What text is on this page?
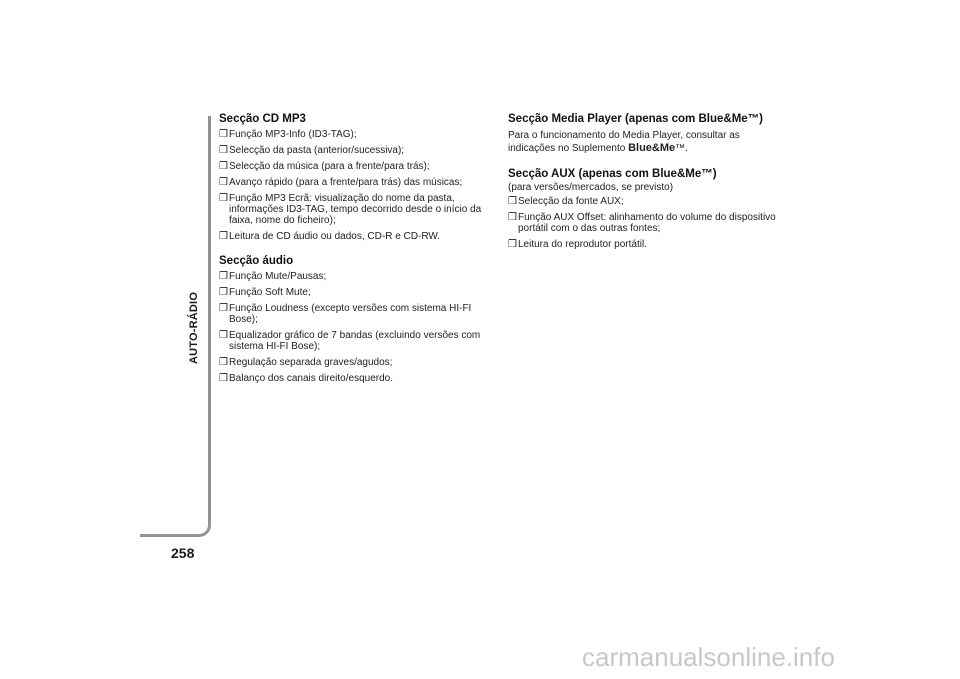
AUTO-RÁDIO
258
Secção CD MP3
❒ Função MP3-Info (ID3-TAG);
❒ Selecção da pasta (anterior/sucessiva);
❒ Selecção da música (para a frente/para trás);
❒ Avanço rápido (para a frente/para trás) das músicas;
❒ Função MP3 Ecrã: visualização do nome da pasta, informações ID3-TAG, tempo decorrido desde o início da faixa, nome do ficheiro);
❒ Leitura de CD áudio ou dados, CD-R e CD-RW.
Secção áudio
❒ Função Mute/Pausas;
❒ Função Soft Mute;
❒ Função Loudness (excepto versões com sistema HI-FI Bose);
❒ Equalizador gráfico de 7 bandas (excluindo versões com sistema HI-FI Bose);
❒ Regulação separada graves/agudos;
❒ Balanço dos canais direito/esquerdo.
Secção Media Player (apenas com Blue&Me™)

Para o funcionamento do Media Player, consultar as indicações no Suplemento Blue&Me™.

Secção AUX (apenas com Blue&Me™)

(para versões/mercados, se previsto)

❒ Selecção da fonte AUX;
❒ Função AUX Offset: alinhamento do volume do dispositivo portátil com o das outras fontes;
❒ Leitura do reprodutor portátil.
carmanualsonline.info
